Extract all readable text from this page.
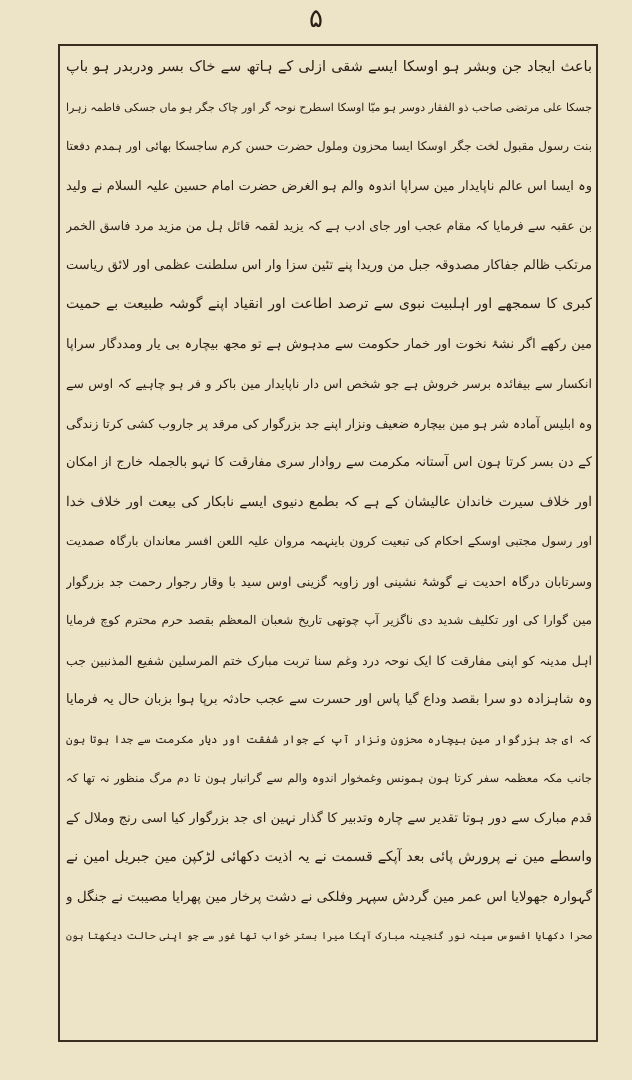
۵
باعث ایجاد جن وبشر ہو اوسکا ایسے شقی ازلی کے ہاتھ سے خاک بسر ودربدر ہو باپ
جسکا علی مرتضی صاحب ذو الفقار دوسر ہو میّا اوسکا اسطرح نوحہ گر اور چاک جگر ہو ماں جسکی فاطمہ زہرا
بنت رسول مقبول لخت جگر اوسکا ایسا محزون وملول حضرت حسن کرم ساجسکا بھائی اور ہمدم دفعتا
وہ ایسا اس عالم ناپایدار مین سراپا اندوہ والم ہو الغرض حضرت امام حسین علیہ السلام نے ولید
بن عقبہ سے فرمایا کہ مقام عجب اور جای ادب ہے کہ یزید لقمہ قائل ہل من مزید مرد فاسق الخمر
مرتکب ظالم جفاکار مصدوقہ جبل من وریدا پنے تئین سزا وار اس سلطنت عظمی اور لائق ریاست
کبری کا سمجھے اور اہلبیت نبوی سے ترصد اطاعت اور انقیاد اپنے گوشہ طبیعت بے حمیت
مین رکھے اگر نشۂ نخوت اور خمار حکومت سے مدہوش ہے تو مجھ بیچارہ بی یار ومددگار سراپا
انکسار سے بیفائدہ برسر خروش ہے جو شخص اس دار ناپایدار مین باکر و فر ہو چاہیے کہ اوس سے
وہ ابلیس آمادہ شر ہو مین بیچارہ ضعیف ونزار اپنے جد بزرگوار کی مرقد پر جاروب کشی کرتا زندگی
کے دن بسر کرتا ہون اس آستانہ مکرمت سے روادار سری مفارقت کا نہو بالجملہ خارج از امکان
اور خلاف سیرت خاندان عالیشان کے ہے کہ بطمع دنیوی ایسے نابکار کی بیعت اور خلاف خدا
اور رسول مجتبی اوسکے احکام کی تبعیت کرون باینہمہ مروان علیہ اللعن افسر معاندان بارگاہ صمدیت
وسرتابان درگاہ احدیت نے گوشۂ نشینی اور زاویہ گزینی اوس سید با وقار رجوار رحمت جد بزرگوار
مین گوارا کی اور تکلیف شدید دی ناگزیر آپ چوتھی تاریخ شعبان المعظم بقصد حرم محترم کوچ فرمایا
اہل مدینہ کو اپنی مفارقت کا ایک نوحہ درد وغم سنا تربت مبارک ختم المرسلین شفیع المذنبین جب
وہ شاہزادہ دو سرا بقصد وداع گیا پاس اور حسرت سے عجب حادثہ برپا ہوا بزبان حال یہ فرمایا
کہ ای جد بزرگوار مین بیچارہ محزون ونزار آپ کے جوار شفقت اور دیار مکرمت سے جدا ہوتا ہون
جانب مکہ معظمہ سفر کرتا ہون ہمونس وغمخوار اندوہ والم سے گرانبار ہون تا دم مرگ منظور نہ تھا کہ
قدم مبارک سے دور ہوتا تقدیر سے چارہ وتدبیر کا گذار نہین ای جد بزرگوار کیا اسی رنج وملال کے
واسطے مین نے پرورش پائی بعد آپکے قسمت نے یہ اذیت دکھائی لڑکپن مین جبریل امین نے
گہوارہ جھولایا اس عمر مین گردش سپہر وفلکی نے دشت پرخار مین پھرایا مصیبت نے جنگل و
صحرا دکھایا افسوس سینہ نور گنجینہ مبارک آپکا میرا بستر خواب تھا غور سے جو اپنی حالت دیکھتا ہون
